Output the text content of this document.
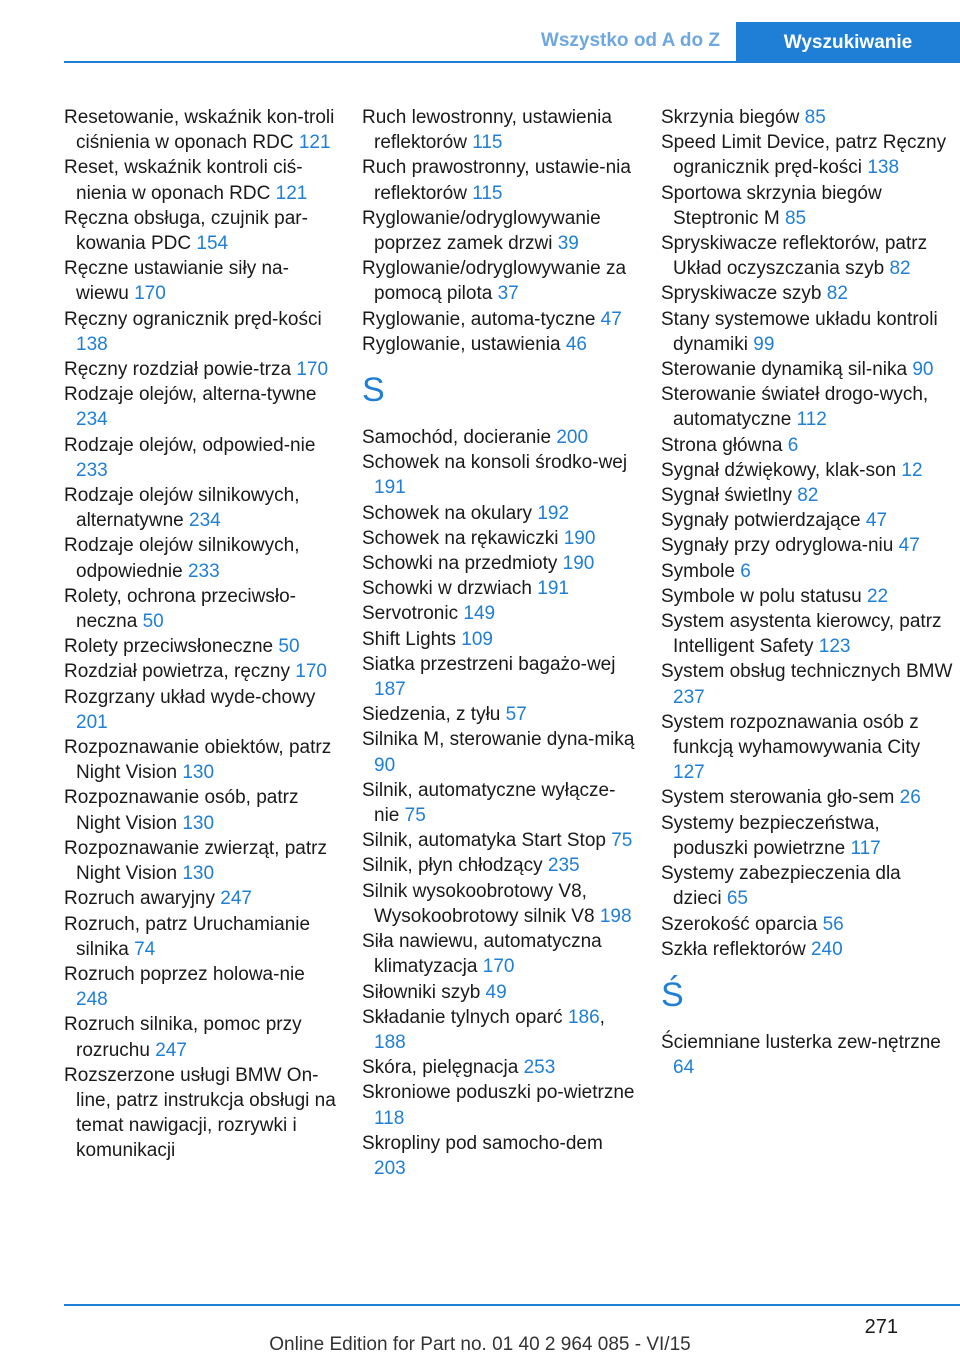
Wszystko od A do Z	Wyszukiwanie
Resetowanie, wskaźnik kon-troli ciśnienia w oponach RDC 121
Reset, wskaźnik kontroli ciś-nienia w oponach RDC 121
Ręczna obsługa, czujnik par-kowania PDC 154
Ręczne ustawianie siły na-wiewu 170
Ręczny ogranicznik pręd-kości 138
Ręczny rozdział powie-trza 170
Rodzaje olejów, alterna-tywne 234
Rodzaje olejów, odpowied-nie 233
Rodzaje olejów silnikowych, alternatywne 234
Rodzaje olejów silnikowych, odpowiednie 233
Rolety, ochrona przeciwsło-neczna 50
Rolety przeciwsłoneczne 50
Rozdział powietrza, ręczny 170
Rozgrzany układ wyde-chowy 201
Rozpoznawanie obiektów, patrz Night Vision 130
Rozpoznawanie osób, patrz Night Vision 130
Rozpoznawanie zwierząt, patrz Night Vision 130
Rozruch awaryjny 247
Rozruch, patrz Uruchamianie silnika 74
Rozruch poprzez holowa-nie 248
Rozruch silnika, pomoc przy rozruchu 247
Rozszerzone usługi BMW On-line, patrz instrukcja obsługi na temat nawigacji, rozrywki i komunikacji
Ruch lewostronny, ustawienia reflektorów 115
Ruch prawostronny, ustawie-nia reflektorów 115
Ryglowanie/odryglowywanie poprzez zamek drzwi 39
Ryglowanie/odryglowywanie za pomocą pilota 37
Ryglowanie, automa-tyczne 47
Ryglowanie, ustawienia 46
S
Samochód, docieranie 200
Schowek na konsoli środko-wej 191
Schowek na okulary 192
Schowek na rękawiczki 190
Schowki na przedmioty 190
Schowki w drzwiach 191
Servotronic 149
Shift Lights 109
Siatka przestrzeni bagażo-wej 187
Siedzenia, z tyłu 57
Silnika M, sterowanie dyna-miką 90
Silnik, automatyczne wyłącze-nie 75
Silnik, automatyka Start Stop 75
Silnik, płyn chłodzący 235
Silnik wysokoobrotowy V8, Wysokoobrotowy silnik V8 198
Siła nawiewu, automatyczna klimatyzacja 170
Siłowniki szyb 49
Składanie tylnych oparć 186, 188
Skóra, pielęgnacja 253
Skroniowe poduszki po-wietrzne 118
Skropliny pod samocho-dem 203
Skrzynia biegów 85
Speed Limit Device, patrz Ręczny ogranicznik pręd-kości 138
Sportowa skrzynia biegów Steptronic M 85
Spryskiwacze reflektorów, patrz Układ oczyszczania szyb 82
Spryskiwacze szyb 82
Stany systemowe układu kontroli dynamiki 99
Sterowanie dynamiką sil-nika 90
Sterowanie świateł drogo-wych, automatyczne 112
Strona główna 6
Sygnał dźwiękowy, klak-son 12
Sygnał świetlny 82
Sygnały potwierdzające 47
Sygnały przy odryglowa-niu 47
Symbole 6
Symbole w polu statusu 22
System asystenta kierowcy, patrz Intelligent Safety 123
System obsług technicznych BMW 237
System rozpoznawania osób z funkcją wyhamowywania City 127
System sterowania gło-sem 26
Systemy bezpieczeństwa, poduszki powietrzne 117
Systemy zabezpieczenia dla dzieci 65
Szerokość oparcia 56
Szkła reflektorów 240
Ś
Ściemniane lusterka zew-nętrzne 64
271
Online Edition for Part no. 01 40 2 964 085 - VI/15
